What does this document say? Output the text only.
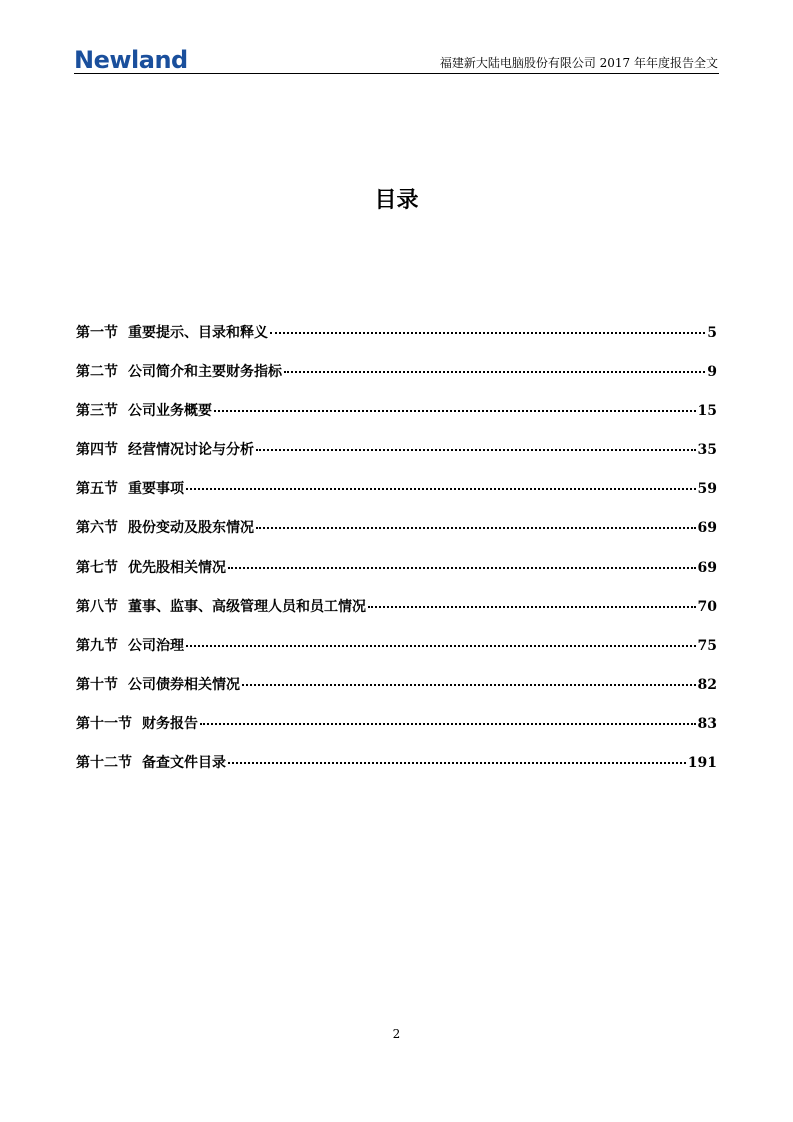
Newland	福建新大陆电脑股份有限公司 2017 年年度报告全文
目录
第一节 重要提示、目录和释义	5
第二节 公司简介和主要财务指标	9
第三节 公司业务概要	15
第四节 经营情况讨论与分析	35
第五节 重要事项	59
第六节 股份变动及股东情况	69
第七节 优先股相关情况	69
第八节 董事、监事、高级管理人员和员工情况	70
第九节 公司治理	75
第十节 公司债券相关情况	82
第十一节 财务报告	83
第十二节 备查文件目录	191
2
